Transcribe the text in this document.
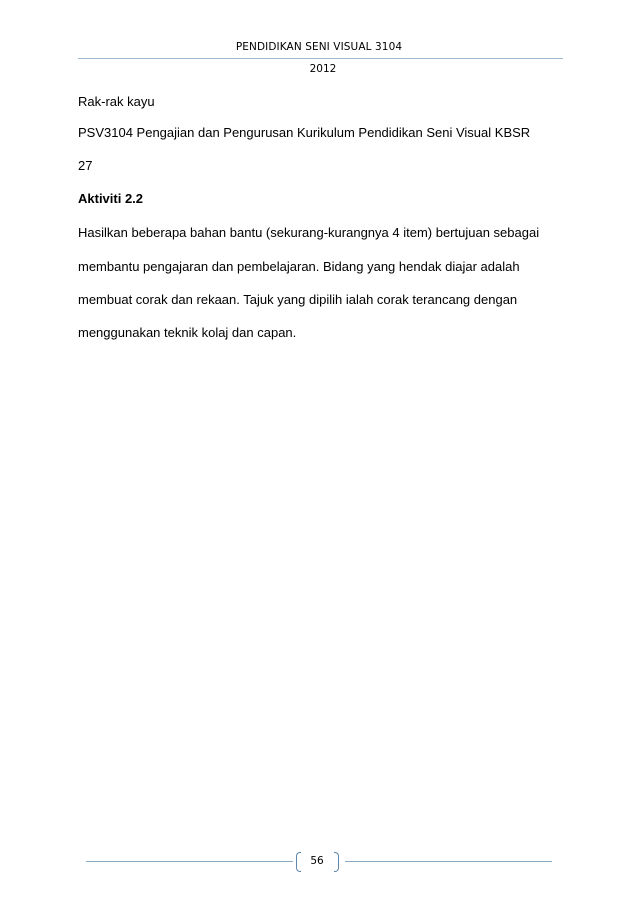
PENDIDIKAN SENI VISUAL 3104
2012
Rak-rak kayu
PSV3104 Pengajian dan Pengurusan Kurikulum Pendidikan Seni Visual KBSR
27
Aktiviti 2.2
Hasilkan beberapa bahan bantu (sekurang-kurangnya 4 item) bertujuan sebagai
membantu pengajaran dan pembelajaran. Bidang yang hendak diajar adalah
membuat corak dan rekaan. Tajuk yang dipilih ialah corak terancang dengan
menggunakan teknik kolaj dan capan.
56
